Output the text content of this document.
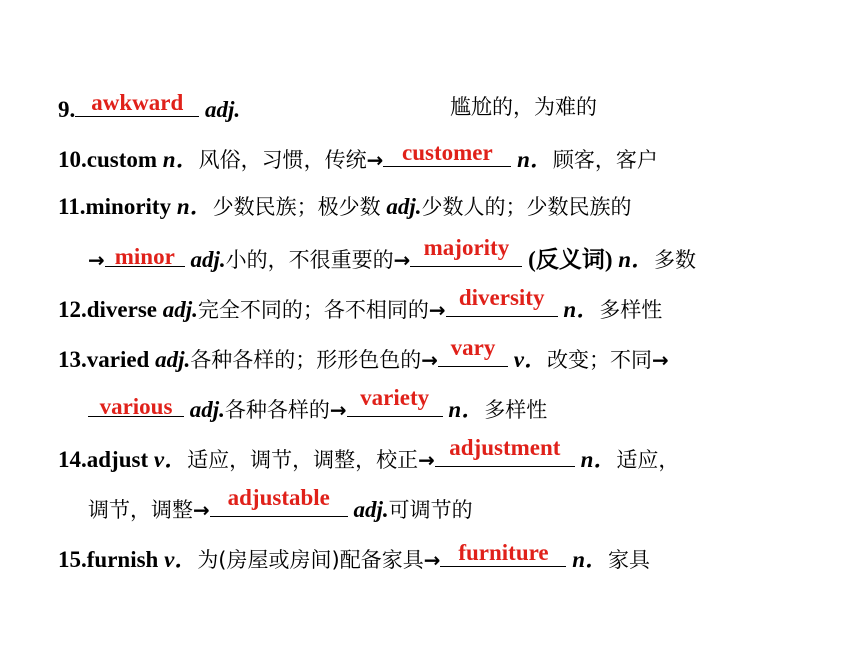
9. awkward adj.	尴尬的，为难的
10.custom n．风俗，习惯，传统→ customer	n．顾客，客户
11.minority n．少数民族；极少数 adj.少数人的；少数民族的
→ minor adj.小的，不很重要的→ majority (反义词) n．多数
12.diverse adj.完全不同的；各不相同的→ diversity n．多样性
13.varied adj.各种各样的；形形色色的→ vary v．改变；不同→
various adj.各种各样的→ variety n．多样性
14.adjust v．适应，调节，调整，校正→ adjustment n．适应，
调节，调整→ adjustable	adj.可调节的
15.furnish v．为(房屋或房间)配备家具→ furniture	n．家具
